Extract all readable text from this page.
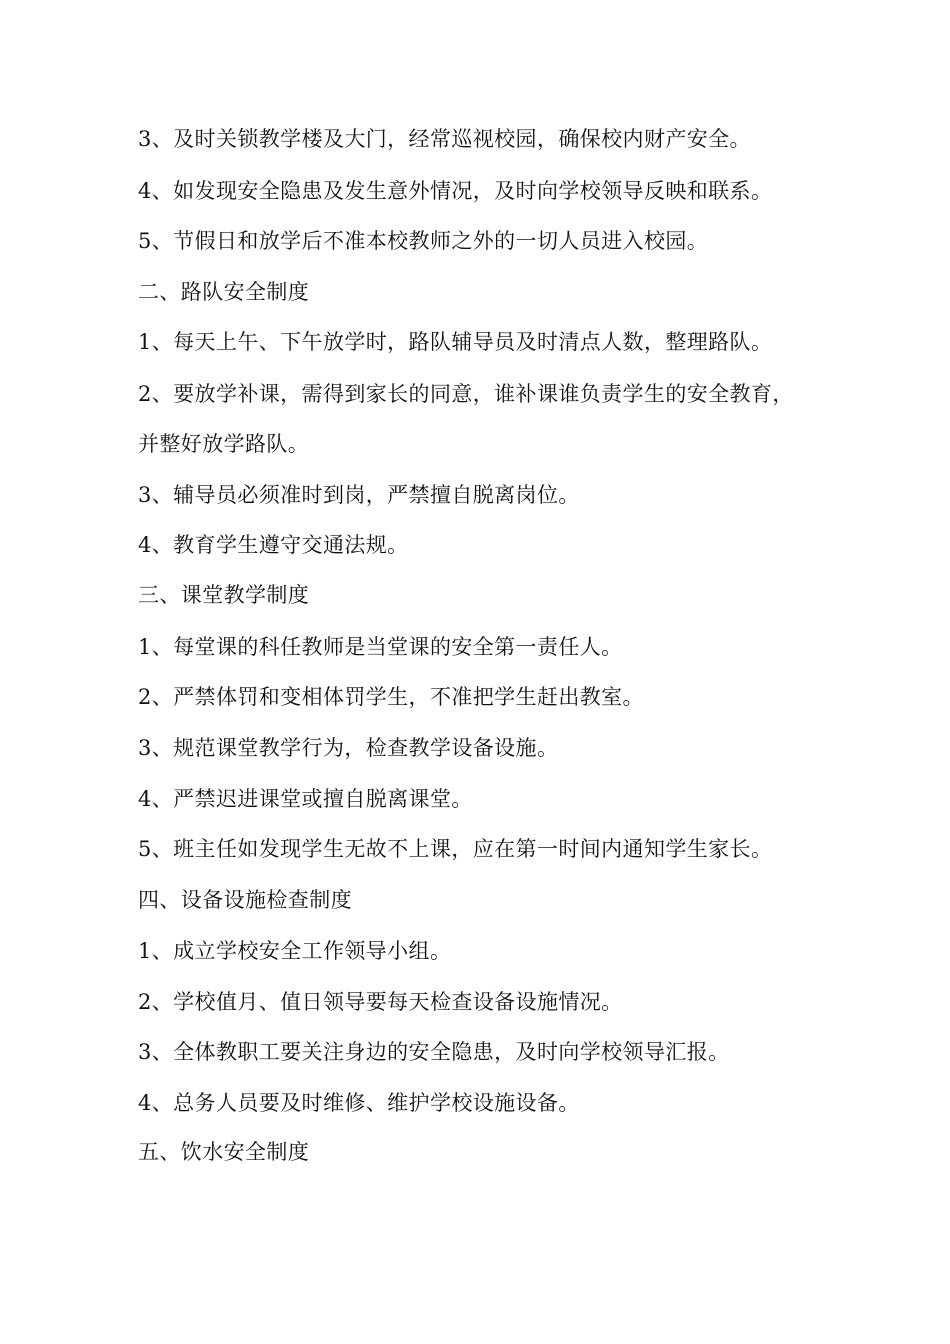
3、及时关锁教学楼及大门，经常巡视校园，确保校内财产安全。
4、如发现安全隐患及发生意外情况，及时向学校领导反映和联系。
5、节假日和放学后不准本校教师之外的一切人员进入校园。
二、路队安全制度
1、每天上午、下午放学时，路队辅导员及时清点人数，整理路队。
2、要放学补课，需得到家长的同意，谁补课谁负责学生的安全教育，
并整好放学路队。
3、辅导员必须准时到岗，严禁擅自脱离岗位。
4、教育学生遵守交通法规。
三、课堂教学制度
1、每堂课的科任教师是当堂课的安全第一责任人。
2、严禁体罚和变相体罚学生，不准把学生赶出教室。
3、规范课堂教学行为，检查教学设备设施。
4、严禁迟进课堂或擅自脱离课堂。
5、班主任如发现学生无故不上课，应在第一时间内通知学生家长。
四、设备设施检查制度
1、成立学校安全工作领导小组。
2、学校值月、值日领导要每天检查设备设施情况。
3、全体教职工要关注身边的安全隐患，及时向学校领导汇报。
4、总务人员要及时维修、维护学校设施设备。
五、饮水安全制度
